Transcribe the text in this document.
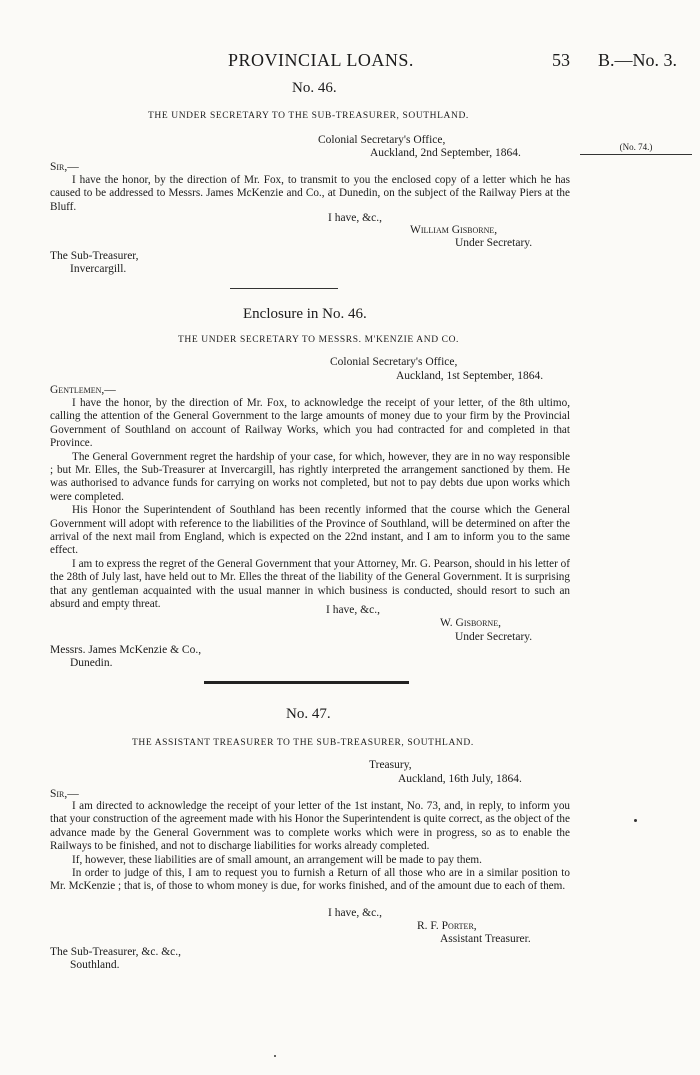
PROVINCIAL LOANS.	53 B.—No. 3.
No. 46.
THE UNDER SECRETARY TO THE SUB-TREASURER, SOUTHLAND.
Colonial Secretary's Office,
Auckland, 2nd September, 1864.	(No. 74.)
Sir,—

I have the honor, by the direction of Mr. Fox, to transmit to you the enclosed copy of a letter which he has caused to be addressed to Messrs. James McKenzie and Co., at Dunedin, on the subject of the Railway Piers at the Bluff.

I have, &c.,
William Gisborne,
Under Secretary.
The Sub-Treasurer,
Invercargill.
Enclosure in No. 46.
THE UNDER SECRETARY TO MESSRS. M'KENZIE AND CO.
Colonial Secretary's Office,
Auckland, 1st September, 1864.
Gentlemen,—

I have the honor, by the direction of Mr. Fox, to acknowledge the receipt of your letter, of the 8th ultimo, calling the attention of the General Government to the large amounts of money due to your firm by the Provincial Government of Southland on account of Railway Works, which you had contracted for and completed in that Province.

The General Government regret the hardship of your case, for which, however, they are in no way responsible ; but Mr. Elles, the Sub-Treasurer at Invercargill, has rightly interpreted the arrangement sanctioned by them. He was authorised to advance funds for carrying on works not completed, but not to pay debts due upon works which were completed.

His Honor the Superintendent of Southland has been recently informed that the course which the General Government will adopt with reference to the liabilities of the Province of Southland, will be determined on after the arrival of the next mail from England, which is expected on the 22nd instant, and I am to inform you to the same effect.

I am to express the regret of the General Government that your Attorney, Mr. G. Pearson, should in his letter of the 28th of July last, have held out to Mr. Elles the threat of the liability of the General Government. It is surprising that any gentleman acquainted with the usual manner in which business is conducted, should resort to such an absurd and empty threat.	I have, &c.,
W. Gisborne,
Under Secretary.
Messrs. James McKenzie & Co.,
Dunedin.
No. 47.
THE ASSISTANT TREASURER TO THE SUB-TREASURER, SOUTHLAND.
Treasury,
Auckland, 16th July, 1864.
Sir,—

I am directed to acknowledge the receipt of your letter of the 1st instant, No. 73, and, in reply, to inform you that your construction of the agreement made with his Honor the Superintendent is quite correct, as the object of the advance made by the General Government was to complete works which were in progress, so as to enable the Railways to be finished, and not to discharge liabilities for works already completed.

If, however, these liabilities are of small amount, an arrangement will be made to pay them.

In order to judge of this, I am to request you to furnish a Return of all those who are in a similar position to Mr. McKenzie ; that is, of those to whom money is due, for works finished, and of the amount due to each of them.

I have, &c.,
R. F. Porter,
Assistant Treasurer.
The Sub-Treasurer, &c. &c.,
Southland.
